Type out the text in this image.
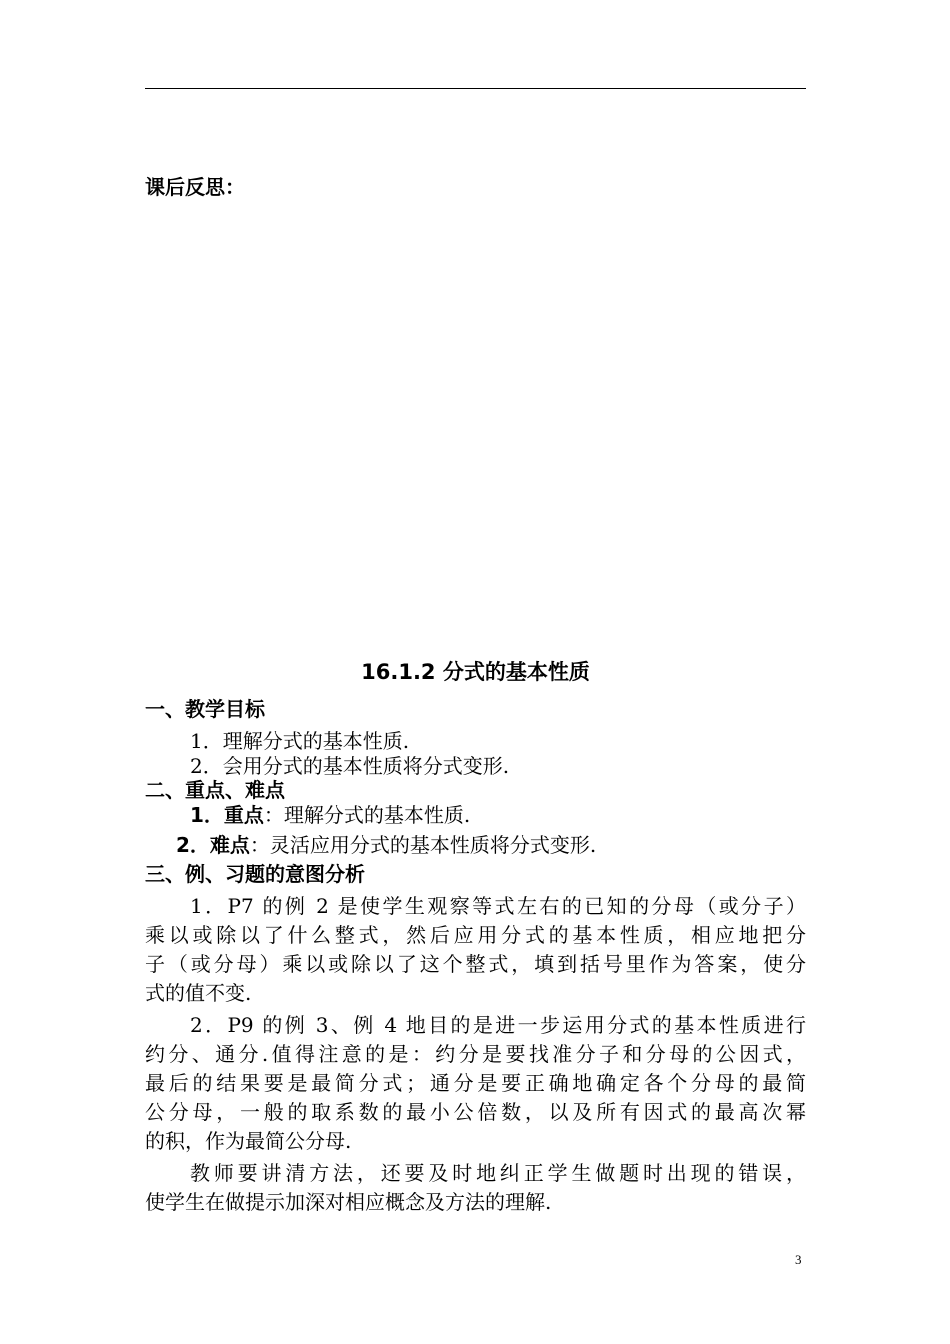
课后反思：
16.1.2 分式的基本性质
一、教学目标
1．理解分式的基本性质.
2．会用分式的基本性质将分式变形.
二、重点、难点
1．重点：理解分式的基本性质.
2．难点：灵活应用分式的基本性质将分式变形.
三、例、习题的意图分析
1．P7 的例 2 是使学生观察等式左右的已知的分母（或分子）
乘以或除以了什么整式，然后应用分式的基本性质，相应地把分
子（或分母）乘以或除以了这个整式，填到括号里作为答案，使分
式的值不变.
2．P9 的例 3、例 4 地目的是进一步运用分式的基本性质进行
约分、通分.值得注意的是：约分是要找准分子和分母的公因式，
最后的结果要是最简分式；通分是要正确地确定各个分母的最简
公分母，一般的取系数的最小公倍数，以及所有因式的最高次幂
的积，作为最简公分母.
教师要讲清方法，还要及时地纠正学生做题时出现的错误，
使学生在做提示加深对相应概念及方法的理解.
3
